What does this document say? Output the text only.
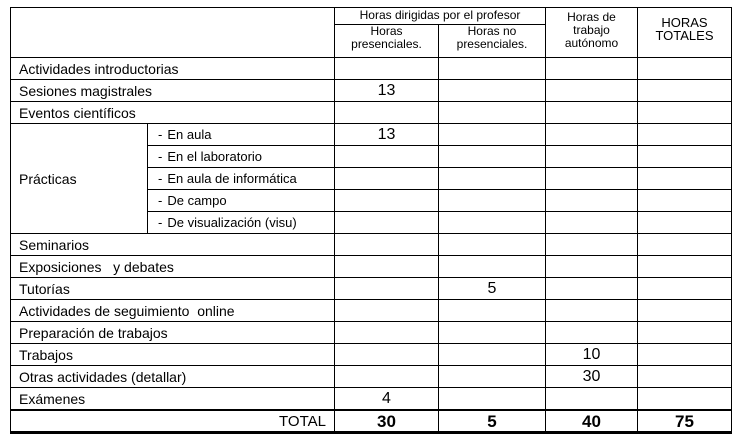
		Horas dirigidas por el profesor		Horas de trabajo autónomo	HORAS TOTALES
		Horas presenciales.	Horas no presenciales.		
Actividades introductorias					
Sesiones magistrales		13			
Eventos científicos					
Prácticas	- En aula	13			
	- En el laboratorio				
	- En aula de informática				
	- De campo				
	- De visualización (visu)				
Seminarios					
Exposiciones   y debates					
Tutorías			5		
Actividades de seguimiento  online					
Preparación de trabajos					
Trabajos				10	
Otras actividades (detallar)				30	
Exámenes		4			
TOTAL		30	5	40	75
